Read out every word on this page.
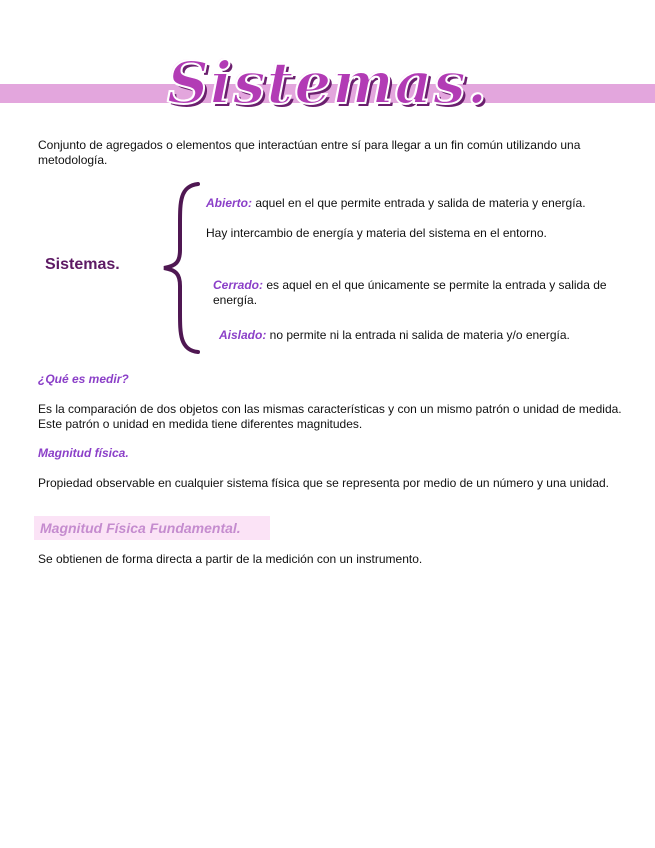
Sistemas.
Conjunto de agregados o elementos que interactúan entre sí para llegar a un fin común utilizando una metodología.
Sistemas.
Abierto: aquel en el que permite entrada y salida de materia y energía.
Hay intercambio de energía y materia del sistema en el entorno.
Cerrado: es aquel en el que únicamente se permite la entrada y salida de energía.
Aislado: no permite ni la entrada ni salida de materia y/o energía.
¿Qué es medir?
Es la comparación de dos objetos con las mismas características y con un mismo patrón o unidad de medida. Este patrón o unidad en medida tiene diferentes magnitudes.
Magnitud física.
Propiedad observable en cualquier sistema física que se representa por medio de un número y una unidad.
Magnitud Física Fundamental.
Se obtienen de forma directa a partir de la medición con un instrumento.
